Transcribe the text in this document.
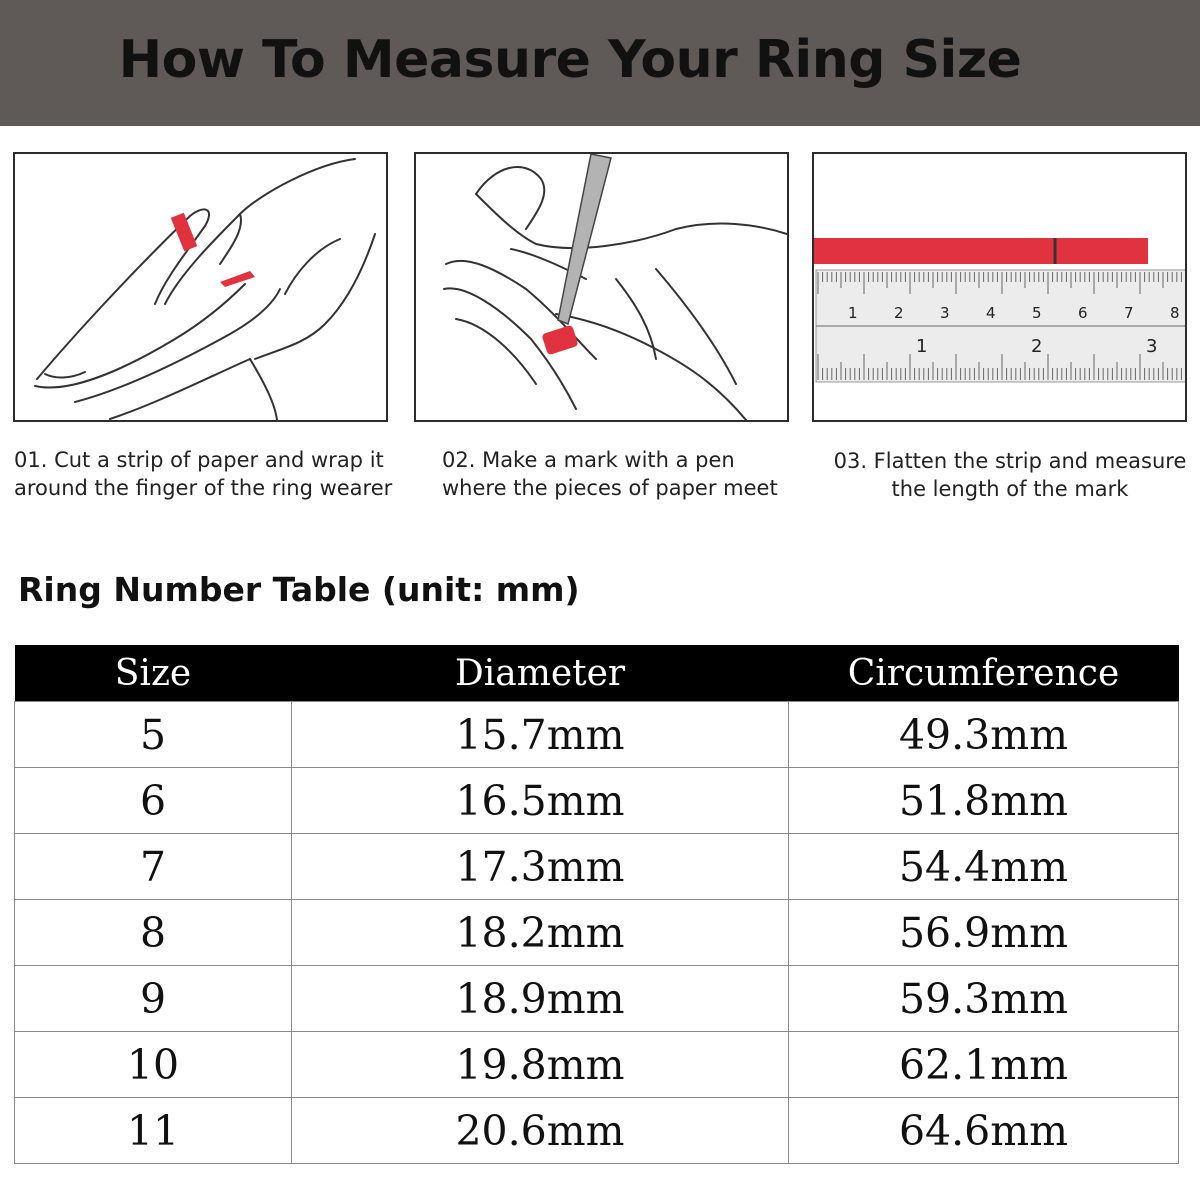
How To Measure Your Ring Size
1 2 3 4 5 6 7 8
1	2	3
01. Cut a strip of paper and wrap it
around the finger of the ring wearer
02. Make a mark with a pen
where the pieces of paper meet
03. Flatten the strip and measure
the length of the mark
Ring Number Table (unit: mm)
Size	Diameter	Circumference
5	15.7mm	49.3mm
6	16.5mm	51.8mm
7	17.3mm	54.4mm
8	18.2mm	56.9mm
9	18.9mm	59.3mm
10	19.8mm	62.1mm
11	20.6mm	64.6mm
